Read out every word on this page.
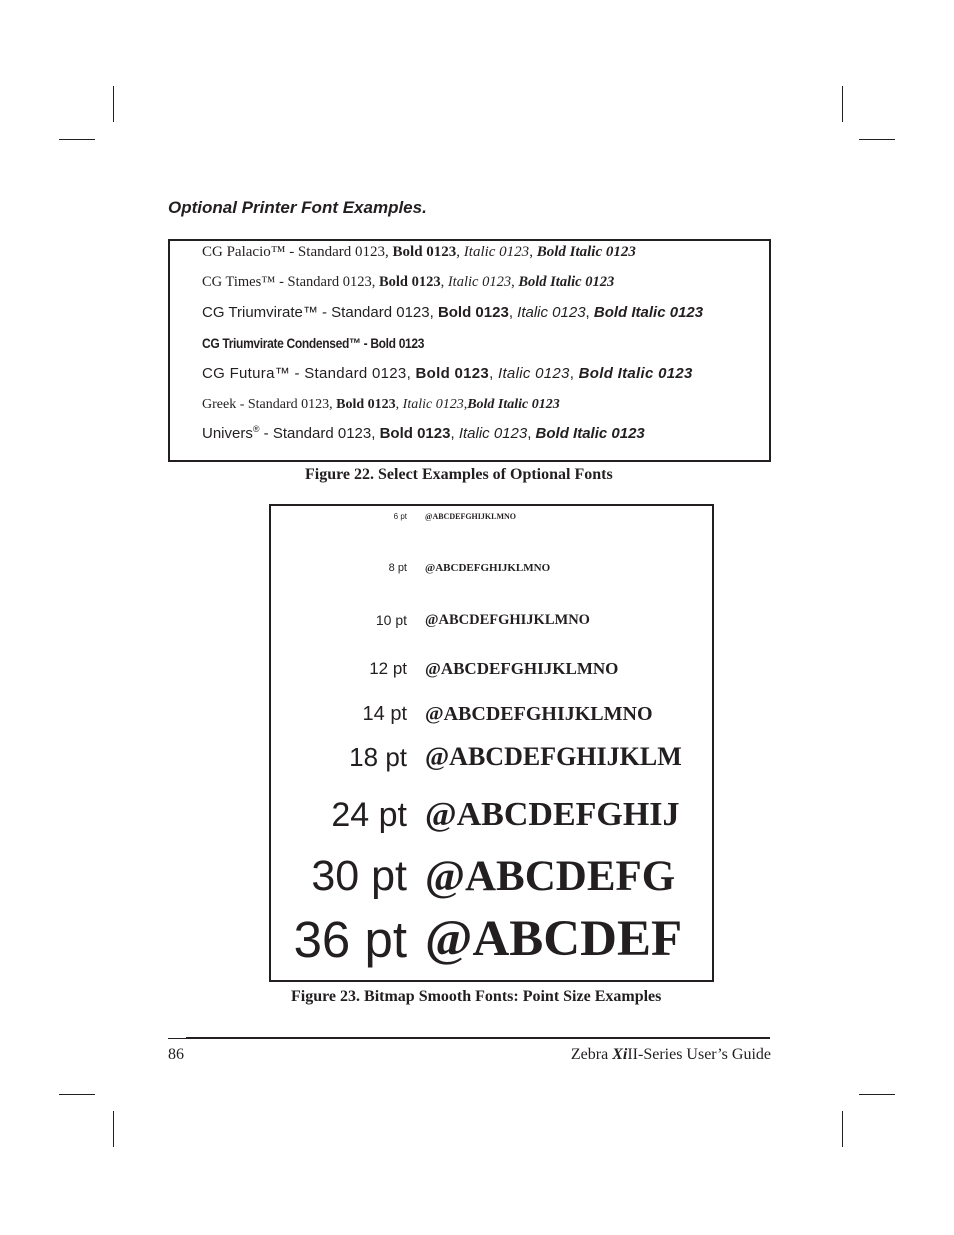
Optional Printer Font Examples.
CG Palacio™ - Standard 0123, Bold 0123, Italic 0123, Bold Italic 0123
CG Times™ - Standard 0123, Bold 0123, Italic 0123, Bold Italic 0123
CG Triumvirate™ - Standard 0123, Bold 0123, Italic 0123, Bold Italic 0123
CG Triumvirate Condensed™ - Bold 0123
CG Futura™ - Standard 0123, Bold 0123, Italic 0123, Bold Italic 0123
Greek - Standard 0123, Bold 0123, Italic 0123,Bold Italic 0123
Univers® - Standard 0123, Bold 0123, Italic 0123, Bold Italic 0123
Figure 22. Select Examples of Optional Fonts
6 pt @ABCDEFGHIJKLMNO
8 pt @ABCDEFGHIJKLMNO
10 pt @ABCDEFGHIJKLMNO
12 pt @ABCDEFGHIJKLMNO
14 pt @ABCDEFGHIJKLMNO
18 pt @ABCDEFGHIJKLM
24 pt @ABCDEFGHIJ
30 pt @ABCDEFG
36 pt @ABCDEF
Figure 23. Bitmap Smooth Fonts: Point Size Examples
86	Zebra XiII-Series User’s Guide
